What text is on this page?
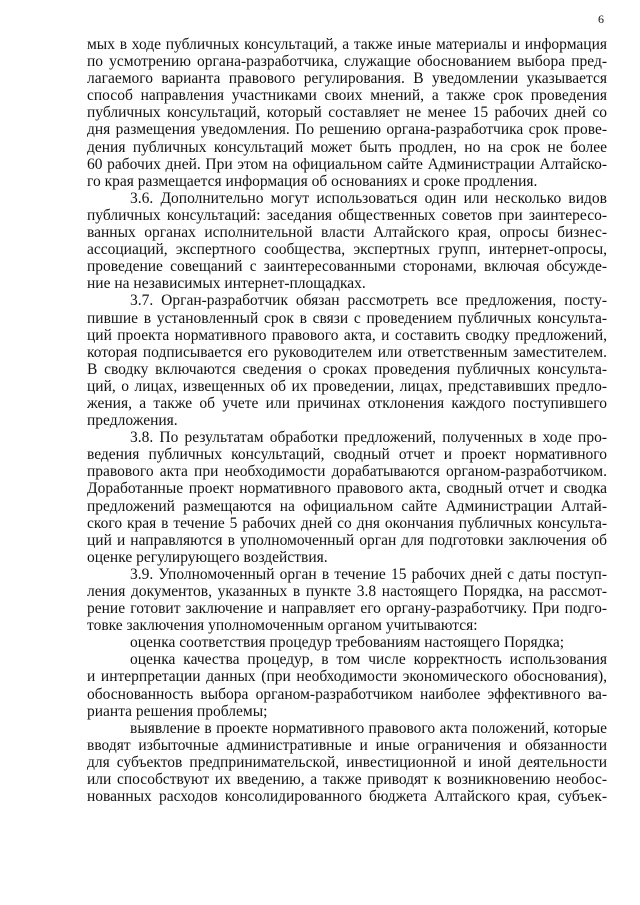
6
мых в ходе публичных консультаций, а также иные материалы и информация
по усмотрению органа-разработчика, служащие обоснованием выбора пред-
лагаемого варианта правового регулирования. В уведомлении указывается
способ направления участниками своих мнений, а также срок проведения
публичных консультаций, который составляет не менее 15 рабочих дней со
дня размещения уведомления. По решению органа-разработчика срок прове-
дения публичных консультаций может быть продлен, но на срок не более
60 рабочих дней. При этом на официальном сайте Администрации Алтайско-
го края размещается информация об основаниях и сроке продления.
3.6. Дополнительно могут использоваться один или несколько видов
публичных консультаций: заседания общественных советов при заинтересо-
ванных органах исполнительной власти Алтайского края, опросы бизнес-
ассоциаций, экспертного сообщества, экспертных групп, интернет-опросы,
проведение совещаний с заинтересованными сторонами, включая обсужде-
ние на независимых интернет-площадках.
3.7. Орган-разработчик обязан рассмотреть все предложения, посту-
пившие в установленный срок в связи с проведением публичных консульта-
ций проекта нормативного правового акта, и составить сводку предложений,
которая подписывается его руководителем или ответственным заместителем.
В сводку включаются сведения о сроках проведения публичных консульта-
ций, о лицах, извещенных об их проведении, лицах, представивших предло-
жения, а также об учете или причинах отклонения каждого поступившего
предложения.
3.8. По результатам обработки предложений, полученных в ходе про-
ведения публичных консультаций, сводный отчет и проект нормативного
правового акта при необходимости дорабатываются органом-разработчиком.
Доработанные проект нормативного правового акта, сводный отчет и сводка
предложений размещаются на официальном сайте Администрации Алтай-
ского края в течение 5 рабочих дней со дня окончания публичных консульта-
ций и направляются в уполномоченный орган для подготовки заключения об
оценке регулирующего воздействия.
3.9. Уполномоченный орган в течение 15 рабочих дней с даты поступ-
ления документов, указанных в пункте 3.8 настоящего Порядка, на рассмот-
рение готовит заключение и направляет его органу-разработчику. При подго-
товке заключения уполномоченным органом учитываются:
оценка соответствия процедур требованиям настоящего Порядка;
оценка качества процедур, в том числе корректность использования
и интерпретации данных (при необходимости экономического обоснования),
обоснованность выбора органом-разработчиком наиболее эффективного ва-
рианта решения проблемы;
выявление в проекте нормативного правового акта положений, которые
вводят избыточные административные и иные ограничения и обязанности
для субъектов предпринимательской, инвестиционной и иной деятельности
или способствуют их введению, а также приводят к возникновению необос-
нованных расходов консолидированного бюджета Алтайского края, субъек-
